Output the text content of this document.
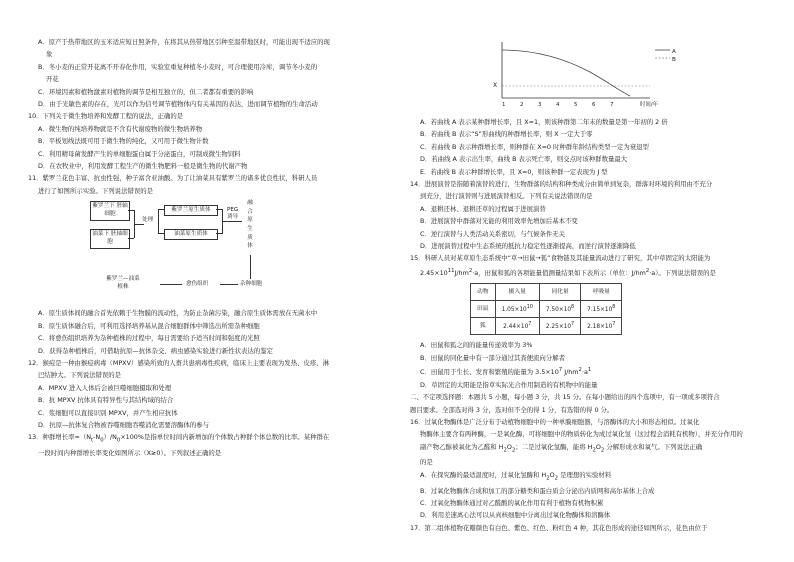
A．原产于热带地区的玉米适应短日照条件，在将其从热带地区引种至温带地区时，可能出现不适应的现
象
B．冬小麦的正常开花离不开春化作用，实验室重复种植冬小麦时，可合理使用冷库，调节冬小麦的
开花
C．环境因素和植物激素对植物的调节是相互独立的，但二者都有重要的影响
D．由于光敏色素的存在，光可以作为信号调节植物体内有关基因的表达，进而调节植物的生命活动
10．下列关于微生物培养和发酵工程的说法，正确的是
A．微生物的纯培养物就是不含有代谢废物的微生物培养物
B．平板划线法既可用于微生物的纯化，又可用于微生物计数
C．利用精母菌发酵产生的单细胞蛋白属于分泌蛋白，可制成微生物饲料
D．在农牧业中，利用发酵工程生产的微生物肥料一般是微生物的代谢产物
11．紫罗兰花色丰富、抗虫性强，种子富含亚油酸。为了让油菜具有紫罗兰的诸多优良性状，科研人员
进行了如图所示实验。下列说法错误的是
紫罗兰下 胚轴细胞
油菜下 胚轴细胞
处理
紫罗兰原生质体
油菜原生质体
PEG
诱导
融
合
原
生
质
体
杂种细胞
愈伤组织
紫罗兰—油菜
植株
A．原生质体间的融合首先依赖于生物膜的流动性，为防止杂菌污染，融合原生质体需放在无菌水中
B．原生质体融合后，可利用选择培养基从混合细胞群体中筛选出所需杂种细胞
C．将愈伤组织培养为杂种植株的过程中，每日需要给予适当时间和强度的光照
D．获得杂种植株后，可借助抗原—抗体杂交、病虫感染实验进行新性状表达的鉴定
12．猴痘是一种由猴痘病毒（MPXV）感染所致的人畜共患病毒性疾病，临床上主要表现为发热、皮疹、淋
巴结肿大。下列说法错误的是
A．MPXV 进入人体后会被巨噬细胞摄取和处理
B．抗 MPXV 抗体具有特异性与其结构域的结合
C．浆细胞可以直接识别 MPXV，并产生相应抗体
D．抗原—抗体复合物被吞噬细胞吞噬消化需要溶酶体的参与
13．种群增长率$=(N_t-N_0)/N_0\times 100\%$是指单位时间内新增加的个体数占种群个体总数的比率。某种群在
一段时间内种群增长率变化如图所示（X≥0）。下列叙述正确的是
X
A
B
1	2	3	4	5	6	7	时间/年
A．若曲线 A 表示某种群增长率，且 X=1，则该种群第二年末的数量是第一年初的 2 倍
B．若曲线 B 表示“S”形曲线的种群增长率，则 X 一定大于零
C．若曲线 B 表示种群增长率，则种群在 X=0 时种群年龄结构类型一定为衰退型
D．若曲线 A 表示出生率，曲线 B 表示死亡率，则交点时该种群数量最大
E．若曲线 B 表示种群增长率，且 X=0，则该种群一定表现为 J 型
14．进展演替是指随着演替的进行，生物群落的结构和种类成分由简单到复杂，群落对环境的利用由不充分
到充分，进行演替则与进展演替相反。下列有关说法错误的是
A．退耕还林、退耕还草的过程属于进展演替
B．进展演替中群落对光能的利用效率先增加后基本不变
C．逆行演替与人类活动关系密切，与气候条件无关
D．进展演替过程中生态系统的抵抗力稳定性逐渐提高，而逆行演替逐渐降低
15．科研人员对某草原生态系统中“草→田鼠→狐”食物链及其能量流动进行了研究，其中草固定的太阳能为
$2.45\times 10^{11}J/hm^2\cdot a$，田鼠和狐的各项能量值测量结果如下表所示（单位：$J/hm^2\cdot a$）。下列说法错误的是
动物	摄入量	同化量	呼吸量
田鼠	$1.05\times 10^{10}$	$7.50\times 10^8$	$7.15\times 10^8$
狐	$2.44\times 10^7$	$2.25\times 10^7$	$2.18\times 10^7$
A．田鼠和狐之间的能量传递效率为 3%
B．田鼠的同化量中有一部分通过其粪便流向分解者
C．田鼠用于生长、发育和繁殖的能量为 $3.5\times 10^7$ $J/hm^2\cdot a^1$
D．草固定的太阳能是指草实际光合作用制造的有机物中的能量
二、不定项选择题：本题共 5 小题，每小题 3 分，共 15 分。在每小题给出的四个选项中，有一项或多项符合
题目要求。全部选对得 3 分，选对但不全的得 1 分，有选错的得 0 分。
16．过氧化物酶体是广泛分布于动植物细胞中的一种单膜细胞器，与溶酶体的大小和形态相似。过氧化
物酶体主要含有两种酶，一是氧化酶，可将细胞中的物质转化为成过氧化氢（这过程会消耗有机物），并充分作用的
副产物乙醇被氧化为乙醛和 $H_2O_2$；二是过氧化氢酶，能将 $H_2O_2$ 分解形成水和氧气。下列说法正确
的是
A．在探究酶的最适温度时，过氧化氢酶和 $H_2O_2$ 是理想的实验材料
B．过氧化物酶体合成和加工的部分糖类和蛋白质会分泌出内质网和高尔基体上合成
C．过氧化物酶体通过对乙醛酸的氧化作用有利于植物有机物积累
D．利用差速离心法可以从真核细胞中分离出过氧化物酶体和溶酶体
17．第二组体植物花瓣颜色有白色、紫色、红色、粉红色 4 种，其花色形成的途径如图所示，花色由位于
